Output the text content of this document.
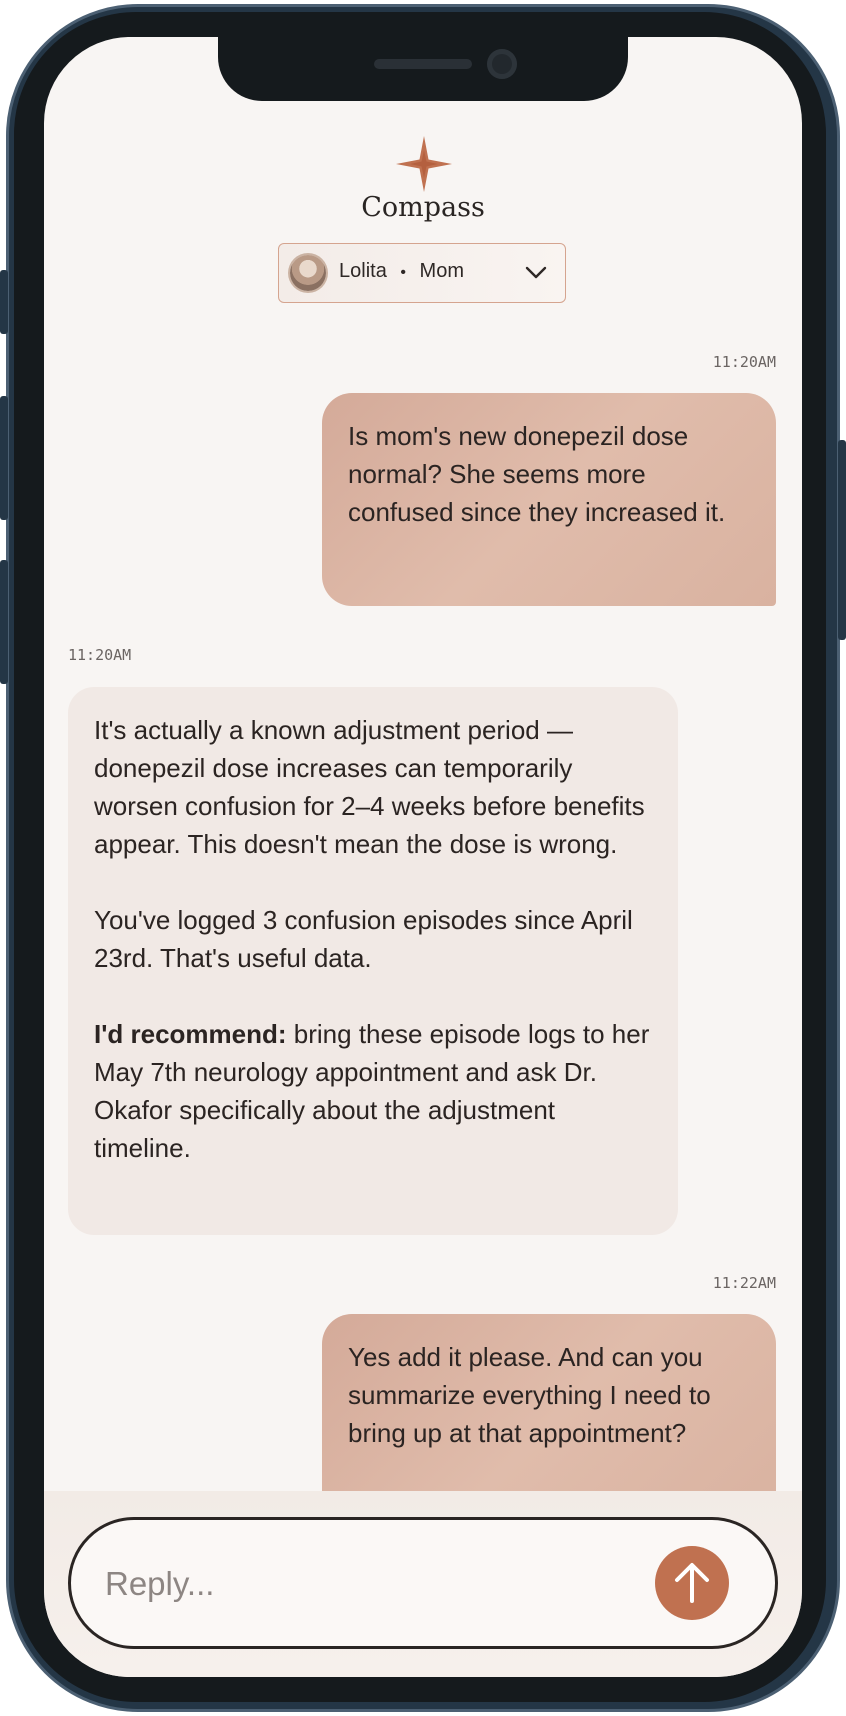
Compass
Lolita • Mom
11:20AM

Is mom's new donepezil dose normal? She seems more confused since they increased it.

11:20AM

It's actually a known adjustment period — donepezil dose increases can temporarily worsen confusion for 2–4 weeks before benefits appear. This doesn't mean the dose is wrong.

You've logged 3 confusion episodes since April 23rd. That's useful data.

I'd recommend: bring these episode logs to her May 7th neurology appointment and ask Dr. Okafor specifically about the adjustment timeline.

11:22AM

Yes add it please. And can you summarize everything I need to bring up at that appointment?

Reply...
